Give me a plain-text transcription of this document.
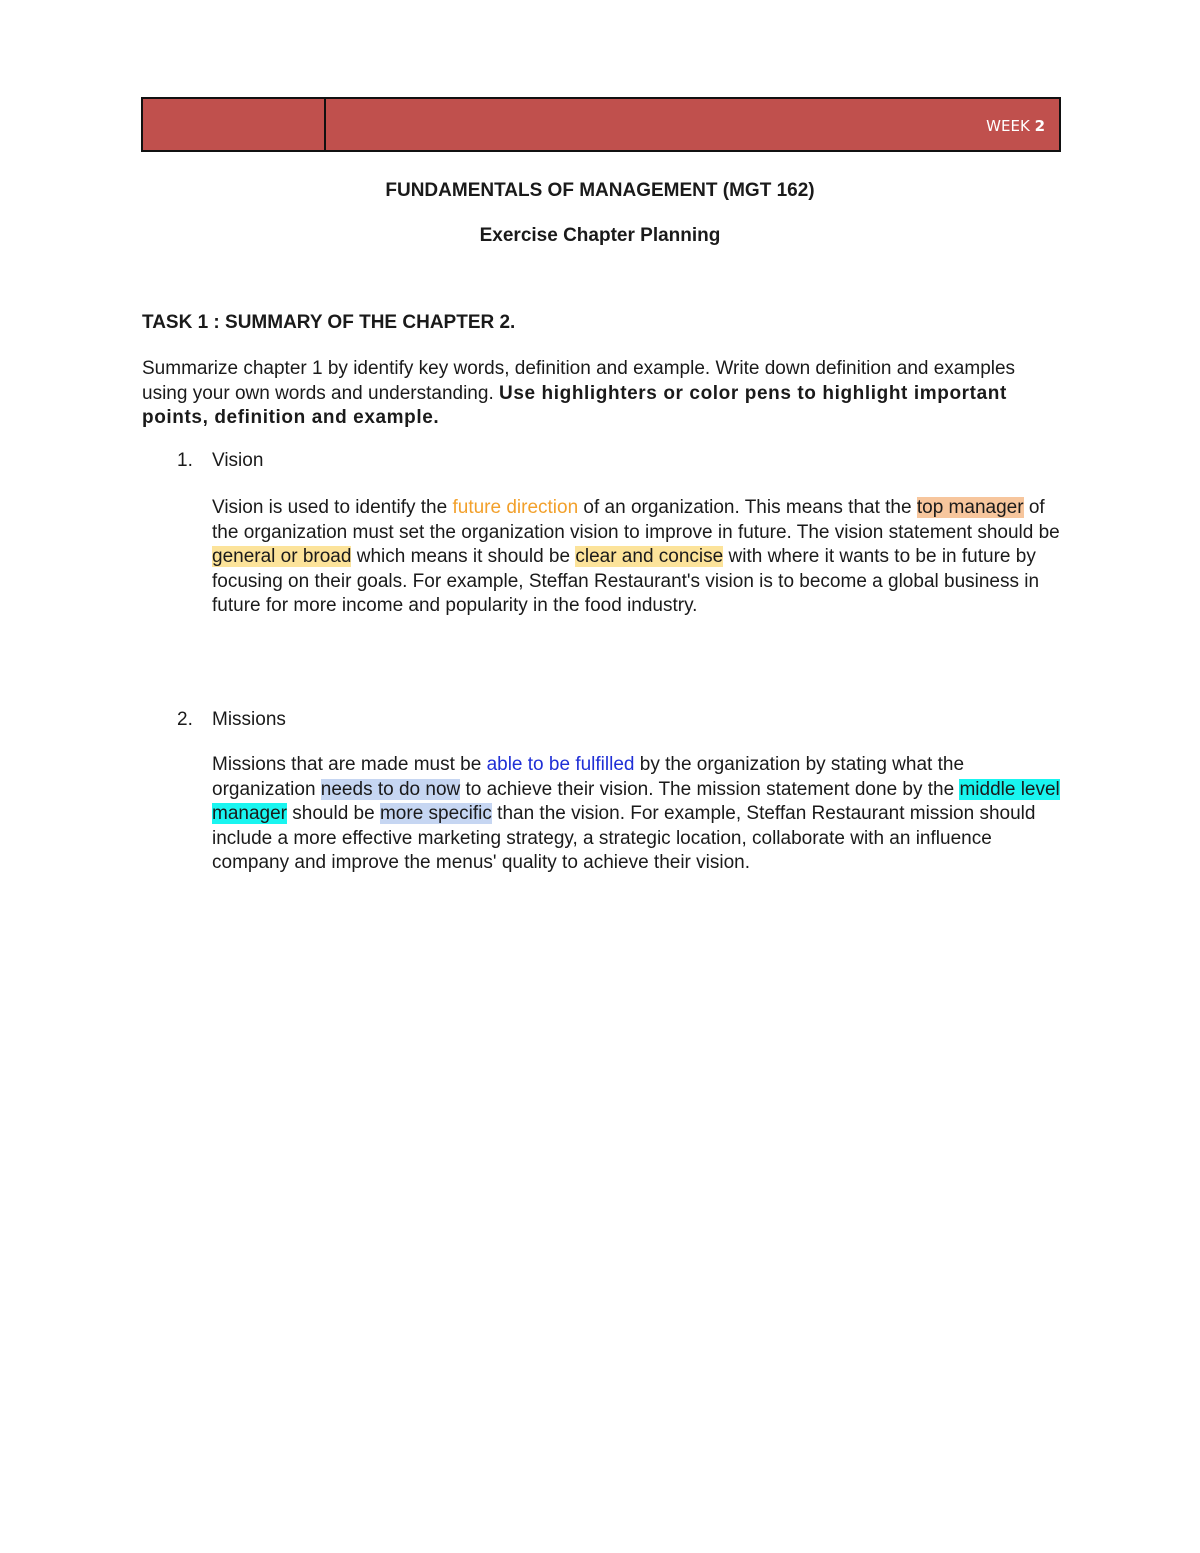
WEEK 2
FUNDAMENTALS OF MANAGEMENT (MGT 162)
Exercise Chapter Planning
TASK 1 : SUMMARY OF THE CHAPTER 2.
Summarize chapter 1 by identify key words, definition and example. Write down definition and examples using your own words and understanding. Use highlighters or color pens to highlight important points, definition and example.
1. Vision
Vision is used to identify the future direction of an organization. This means that the top manager of the organization must set the organization vision to improve in future. The vision statement should be general or broad which means it should be clear and concise with where it wants to be in future by focusing on their goals. For example, Steffan Restaurant's vision is to become a global business in future for more income and popularity in the food industry.
2. Missions
Missions that are made must be able to be fulfilled by the organization by stating what the organization needs to do now to achieve their vision. The mission statement done by the middle level manager should be more specific than the vision. For example, Steffan Restaurant mission should include a more effective marketing strategy, a strategic location, collaborate with an influence company and improve the menus' quality to achieve their vision.
